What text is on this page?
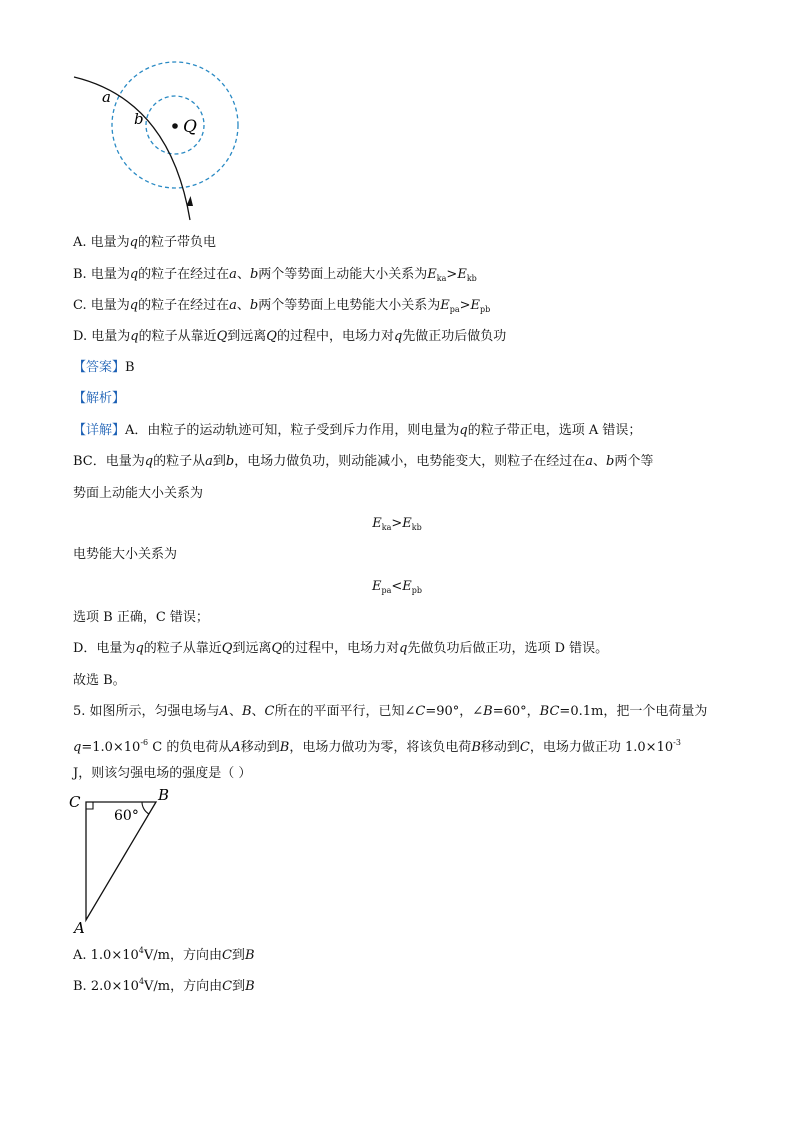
a
b Q
A. 电量为q的粒子带负电
B. 电量为q的粒子在经过在a、b两个等势面上动能大小关系为$E_{ka}>E_{kb}$
C. 电量为q的粒子在经过在a、b两个等势面上电势能大小关系为$E_{pa}>E_{pb}$
D. 电量为q的粒子从靠近Q到远离Q的过程中，电场力对q先做正功后做负功
【答案】B
【解析】
【详解】A．由粒子的运动轨迹可知，粒子受到斥力作用，则电量为q的粒子带正电，选项 A 错误；
BC．电量为q的粒子从a到b，电场力做负功，则动能减小，电势能变大，则粒子在经过在a、b两个等
势面上动能大小关系为
$E_{ka}>E_{kb}$
电势能大小关系为
$E_{pa}<E_{pb}$
选项 B 正确，C 错误；
D．电量为q的粒子从靠近Q到远离Q的过程中，电场力对q先做负功后做正功，选项 D 错误。
故选 B。
5. 如图所示，匀强电场与A、B、C所在的平面平行，已知∠C=90°，∠B=60°，BC=0.1m，把一个电荷量为
$q=1.0\times 10^{-6}$ C 的负电荷从A移动到B，电场力做功为零，将该负电荷B移动到C，电场力做正功 $1.0\times 10^{-3}$
J，则该匀强电场的强度是（ ）
C	B
A
60°
A. $1.0\times 10^4V/m$，方向由C到B
B. $2.0\times 10^4V/m$，方向由C到B
